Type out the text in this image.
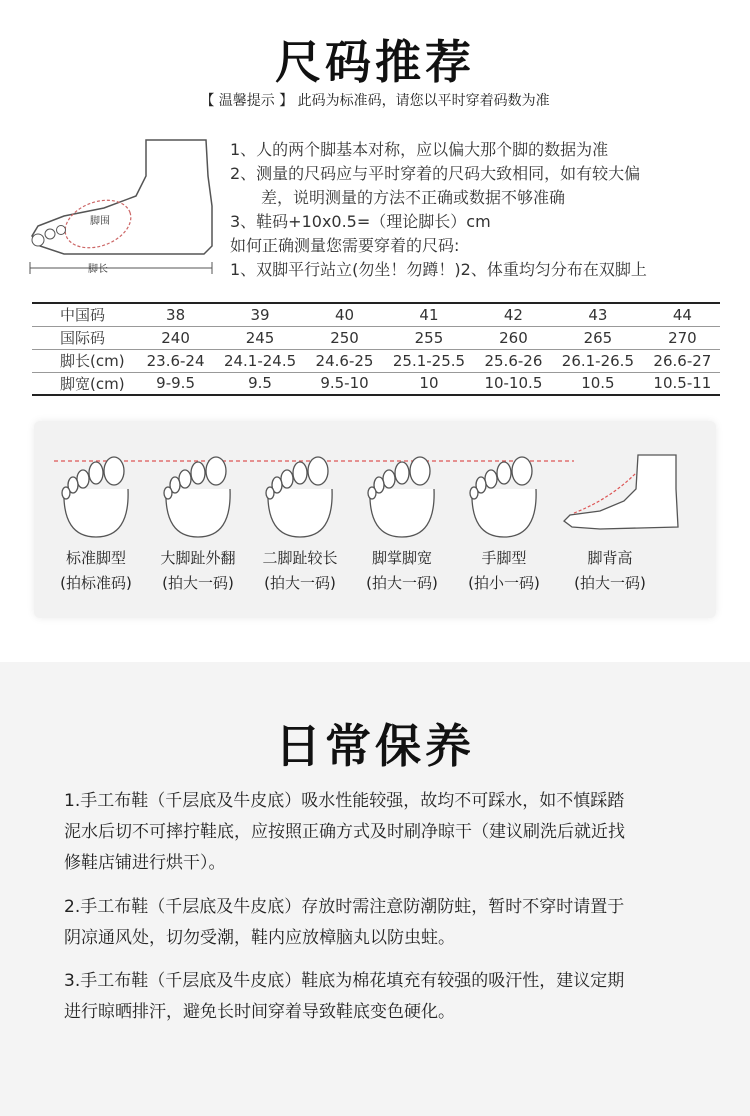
尺码推荐
【 温馨提示 】 此码为标准码，请您以平时穿着码数为准
脚围
脚长
1、人的两个脚基本对称，应以偏大那个脚的数据为准
2、测量的尺码应与平时穿着的尺码大致相同，如有较大偏
差，说明测量的方法不正确或数据不够准确
3、鞋码+10x0.5=（理论脚长）cm
如何正确测量您需要穿着的尺码:
1、双脚平行站立(勿坐！勿蹲！)2、体重均匀分布在双脚上
中国码	38	39	40	41	42	43	44
国际码	240	245	250	255	260	265	270
脚长(cm)	23.6-24	24.1-24.5	24.6-25	25.1-25.5	25.6-26	26.1-26.5	26.6-27
脚宽(cm)	9-9.5	9.5	9.5-10	10	10-10.5	10.5	10.5-11
标准脚型
(拍标准码)
大脚趾外翻
(拍大一码)
二脚趾较长
(拍大一码)
脚掌脚宽
(拍大一码)
手脚型
(拍小一码)
脚背高
(拍大一码)
日常保养
1.手工布鞋（千层底及牛皮底）吸水性能较强，故均不可踩水，如不慎踩踏
泥水后切不可摔拧鞋底，应按照正确方式及时刷净晾干（建议刷洗后就近找
修鞋店铺进行烘干）。
2.手工布鞋（千层底及牛皮底）存放时需注意防潮防蛀，暂时不穿时请置于
阴凉通风处，切勿受潮，鞋内应放樟脑丸以防虫蛀。
3.手工布鞋（千层底及牛皮底）鞋底为棉花填充有较强的吸汗性，建议定期
进行晾晒排汗，避免长时间穿着导致鞋底变色硬化。
